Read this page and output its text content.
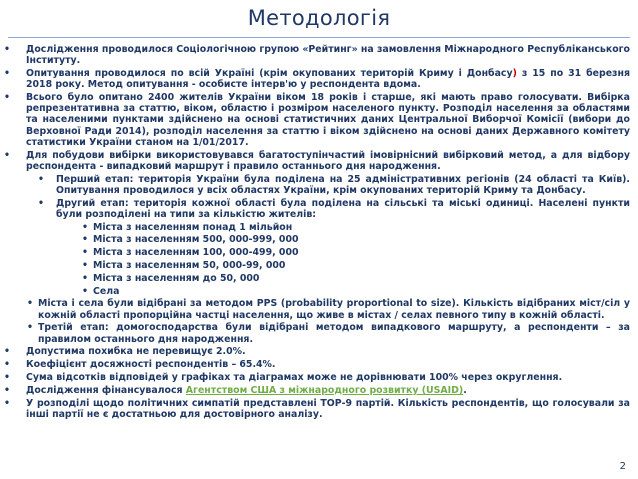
Методологія
• Дослідження проводилося Соціологічною групою «Рейтинг» на замовлення Міжнародного Республіканського Інституту.
• Опитування проводилося по всій Україні (крім окупованих територій Криму і Донбасу) з 15 по 31 березня 2018 року. Метод опитування - особисте інтерв'ю у респондента вдома.
• Всього було опитано 2400 жителів України віком 18 років і старше, які мають право голосувати. Вибірка репрезентативна за статтю, віком, областю і розміром населеного пункту. Розподіл населення за областями та населеними пунктами здійснено на основі статистичних даних Центральної Виборчої Комісії (вибори до Верховної Ради 2014), розподіл населення за статтю і віком здійснено на основі даних Державного комітету статистики України станом на 1/01/2017.
• Для побудови вибірки використовувався багатоступінчастий імовірнісний вибірковий метод, а для відбору респондента - випадковий маршрут і правило останнього дня народження.
• Перший етап: територія України була поділена на 25 адміністративних регіонів (24 області та Київ). Опитування проводилося у всіх областях України, крім окупованих територій Криму та Донбасу.
• Другий етап: територія кожної області була поділена на сільські та міські одиниці. Населені пункти були розподілені на типи за кількістю жителів:
• Міста з населенням понад 1 мільйон
• Міста з населенням 500, 000-999, 000
• Міста з населенням 100, 000-499, 000
• Міста з населенням 50, 000-99, 000
• Міста з населенням до 50, 000
• Села
• Міста і села були відібрані за методом PPS (probability proportional to size). Кількість відібраних міст/сіл у кожній області пропорційна частці населення, що живе в містах / селах певного типу в кожній області.
• Третій етап: домогосподарства були відібрані методом випадкового маршруту, а респонденти – за правилом останнього дня народження.
• Допустима похибка не перевищує 2.0%.
• Коефіцієнт досяжності респондентів – 65.4%.
• Сума відсотків відповідей у графіках та діаграмах може не дорівнювати 100% через округлення.
• Дослідження фінансувалося Агентством США з міжнародного розвитку (USAID).
• У розподілі щодо політичних симпатій представлені ТОР-9 партій. Кількість респондентів, що голосували за інші партії не є достатньою для достовірного аналізу.
2
